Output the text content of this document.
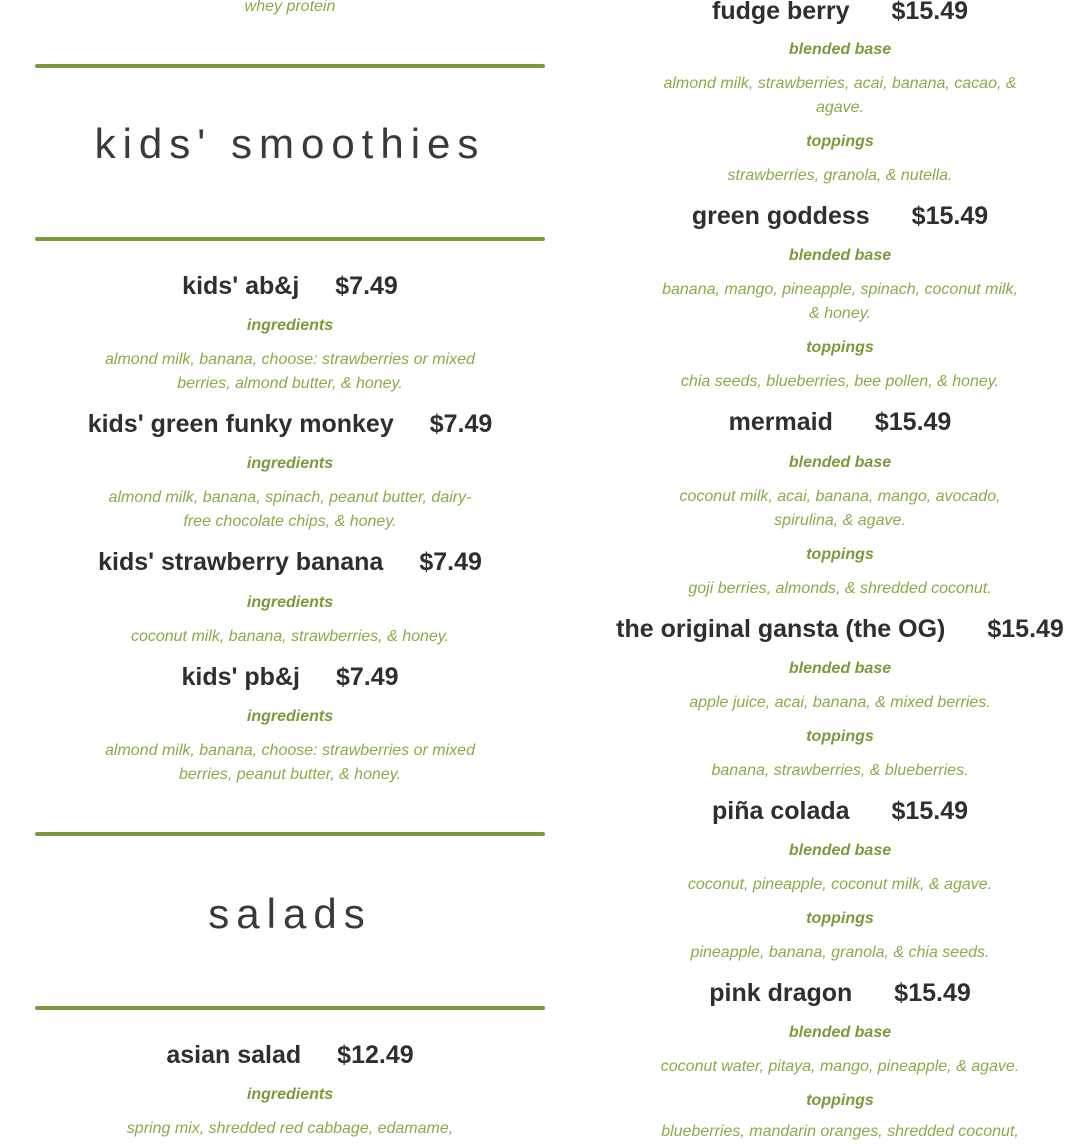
whey protein
kids' smoothies
kids' ab&j $7.49
ingredients
almond milk, banana, choose: strawberries or mixed berries, almond butter, & honey.
kids' green funky monkey $7.49
ingredients
almond milk, banana, spinach, peanut butter, dairy-free chocolate chips, & honey.
kids' strawberry banana $7.49
ingredients
coconut milk, banana, strawberries, & honey.
kids' pb&j $7.49
ingredients
almond milk, banana, choose: strawberries or mixed berries, peanut butter, & honey.
salads
asian salad $12.49
ingredients
spring mix, shredded red cabbage, edamame,
fudge berry $15.49
blended base
almond milk, strawberries, acai, banana, cacao, & agave.
toppings
strawberries, granola, & nutella.
green goddess $15.49
blended base
banana, mango, pineapple, spinach, coconut milk, & honey.
toppings
chia seeds, blueberries, bee pollen, & honey.
mermaid $15.49
blended base
coconut milk, acai, banana, mango, avocado, spirulina, & agave.
toppings
goji berries, almonds, & shredded coconut.
the original gansta (the OG) $15.49
blended base
apple juice, acai, banana, & mixed berries.
toppings
banana, strawberries, & blueberries.
piña colada $15.49
blended base
coconut, pineapple, coconut milk, & agave.
toppings
pineapple, banana, granola, & chia seeds.
pink dragon $15.49
blended base
coconut water, pitaya, mango, pineapple, & agave.
toppings
blueberries, mandarin oranges, shredded coconut,
